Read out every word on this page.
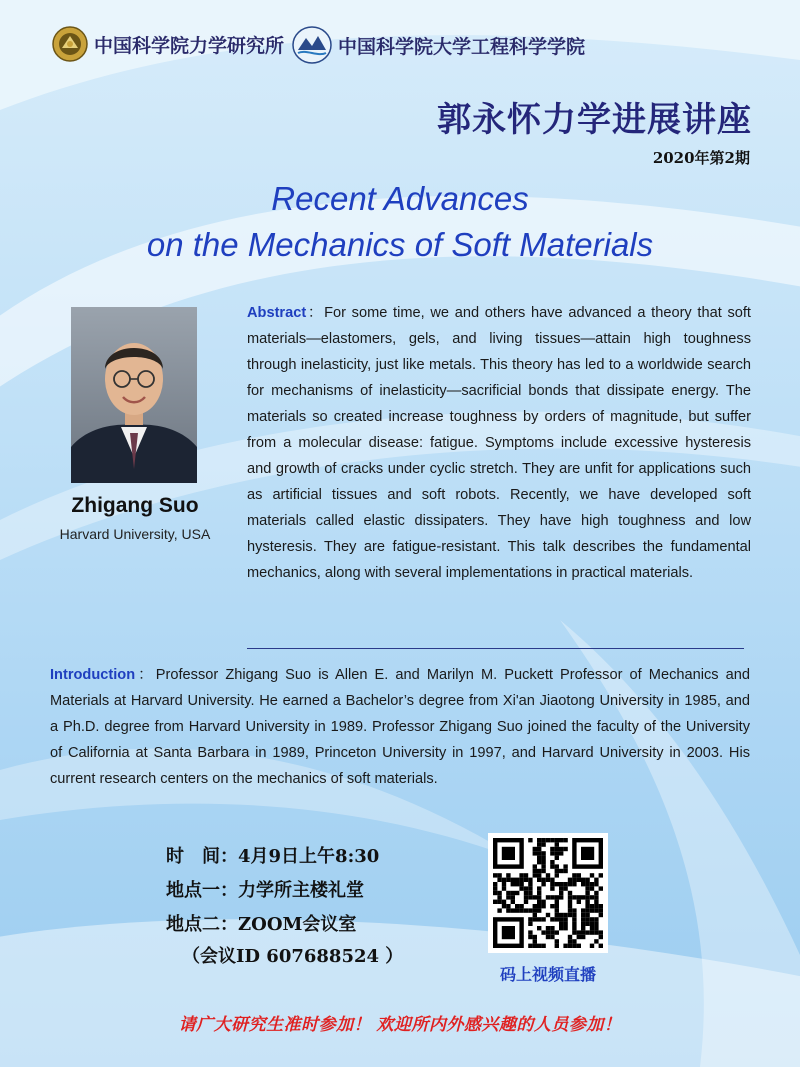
中国科学院力学研究所	中国科学院大学工程科学学院
郭永怀力学进展讲座
2020年第2期
Recent Advances
on the Mechanics of Soft Materials
Zhigang Suo
Harvard University, USA
Abstract：For some time, we and others have advanced a theory that soft materials—elastomers, gels, and living tissues—attain high toughness through inelasticity, just like metals. This theory has led to a worldwide search for mechanisms of inelasticity—sacrificial bonds that dissipate energy. The materials so created increase toughness by orders of magnitude, but suffer from a molecular disease: fatigue. Symptoms include excessive hysteresis and growth of cracks under cyclic stretch. They are unfit for applications such as artificial tissues and soft robots. Recently, we have developed soft materials called elastic dissipaters. They have high toughness and low hysteresis. They are fatigue-resistant. This talk describes the fundamental mechanics, along with several implementations in practical materials.
Introduction：Professor Zhigang Suo is Allen E. and Marilyn M. Puckett Professor of Mechanics and Materials at Harvard University. He earned a Bachelor’s degree from Xi'an Jiaotong University in 1985, and a Ph.D. degree from Harvard University in 1989. Professor Zhigang Suo joined the faculty of the University of California at Santa Barbara in 1989, Princeton University in 1997, and Harvard University in 2003. His current research centers on the mechanics of soft materials.
时　间：4月9日上午8:30
地点一：力学所主楼礼堂
地点二：ZOOM会议室
（会议ID 607688524 ）
码上视频直播
请广大研究生准时参加！ 欢迎所内外感兴趣的人员参加！
